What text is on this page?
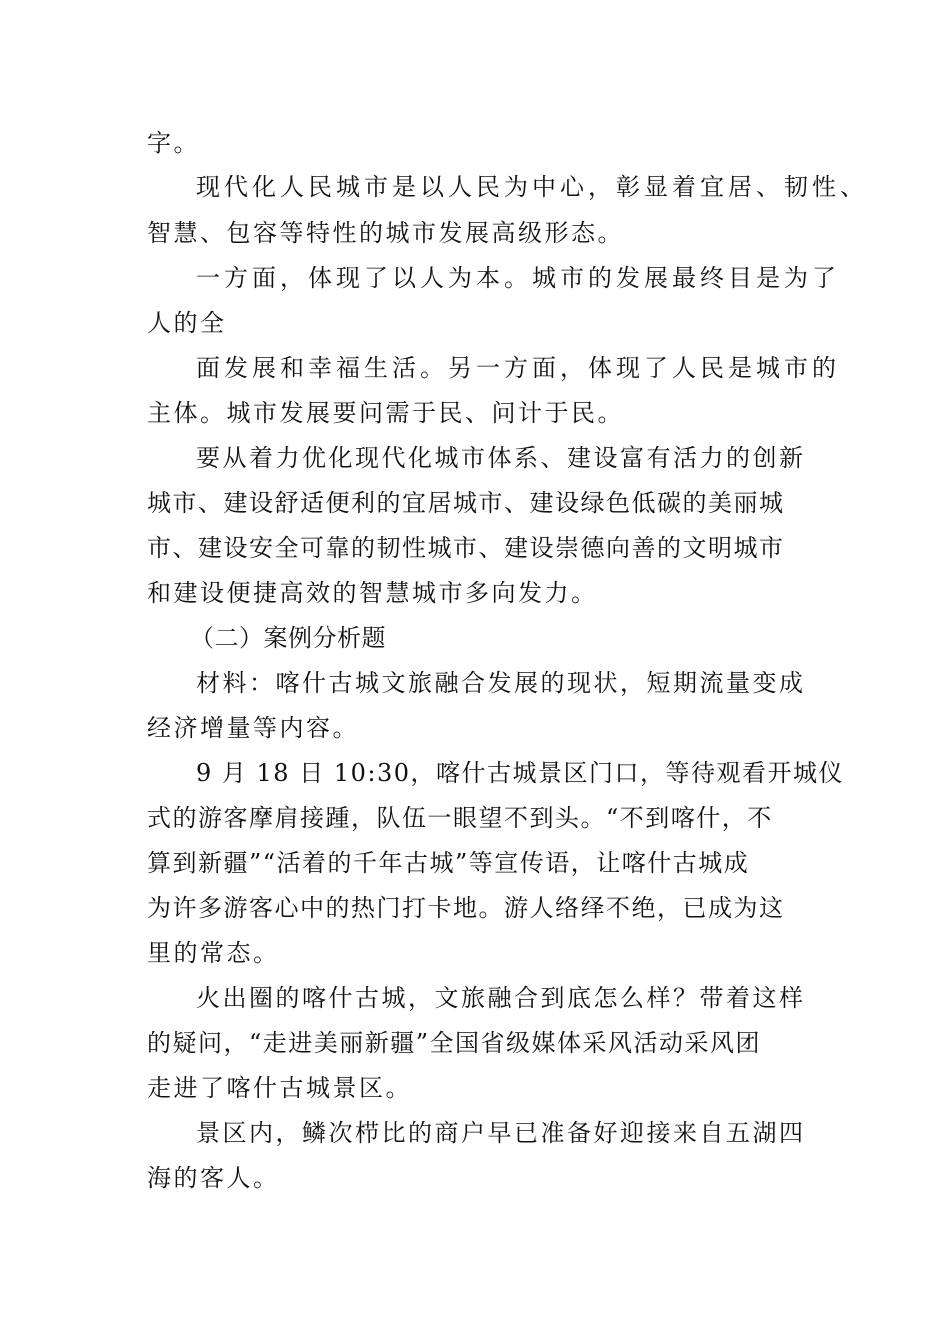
字。
现代化人民城市是以人民为中心，彰显着宜居、韧性、
智慧、包容等特性的城市发展高级形态。
一方面，体现了以人为本。城市的发展最终目是为了
人的全
面发展和幸福生活。另一方面，体现了人民是城市的
主体。城市发展要问需于民、问计于民。
要从着力优化现代化城市体系、建设富有活力的创新
城市、建设舒适便利的宜居城市、建设绿色低碳的美丽城
市、建设安全可靠的韧性城市、建设崇德向善的文明城市
和建设便捷高效的智慧城市多向发力。
（二）案例分析题
材料：喀什古城文旅融合发展的现状，短期流量变成
经济增量等内容。
9 月 18 日 10:30，喀什古城景区门口，等待观看开城仪
式的游客摩肩接踵，队伍一眼望不到头。“不到喀什，不
算到新疆”“活着的千年古城”等宣传语，让喀什古城成
为许多游客心中的热门打卡地。游人络绎不绝，已成为这
里的常态。
火出圈的喀什古城，文旅融合到底怎么样？带着这样
的疑问，“走进美丽新疆”全国省级媒体采风活动采风团
走进了喀什古城景区。
景区内，鳞次栉比的商户早已准备好迎接来自五湖四
海的客人。
